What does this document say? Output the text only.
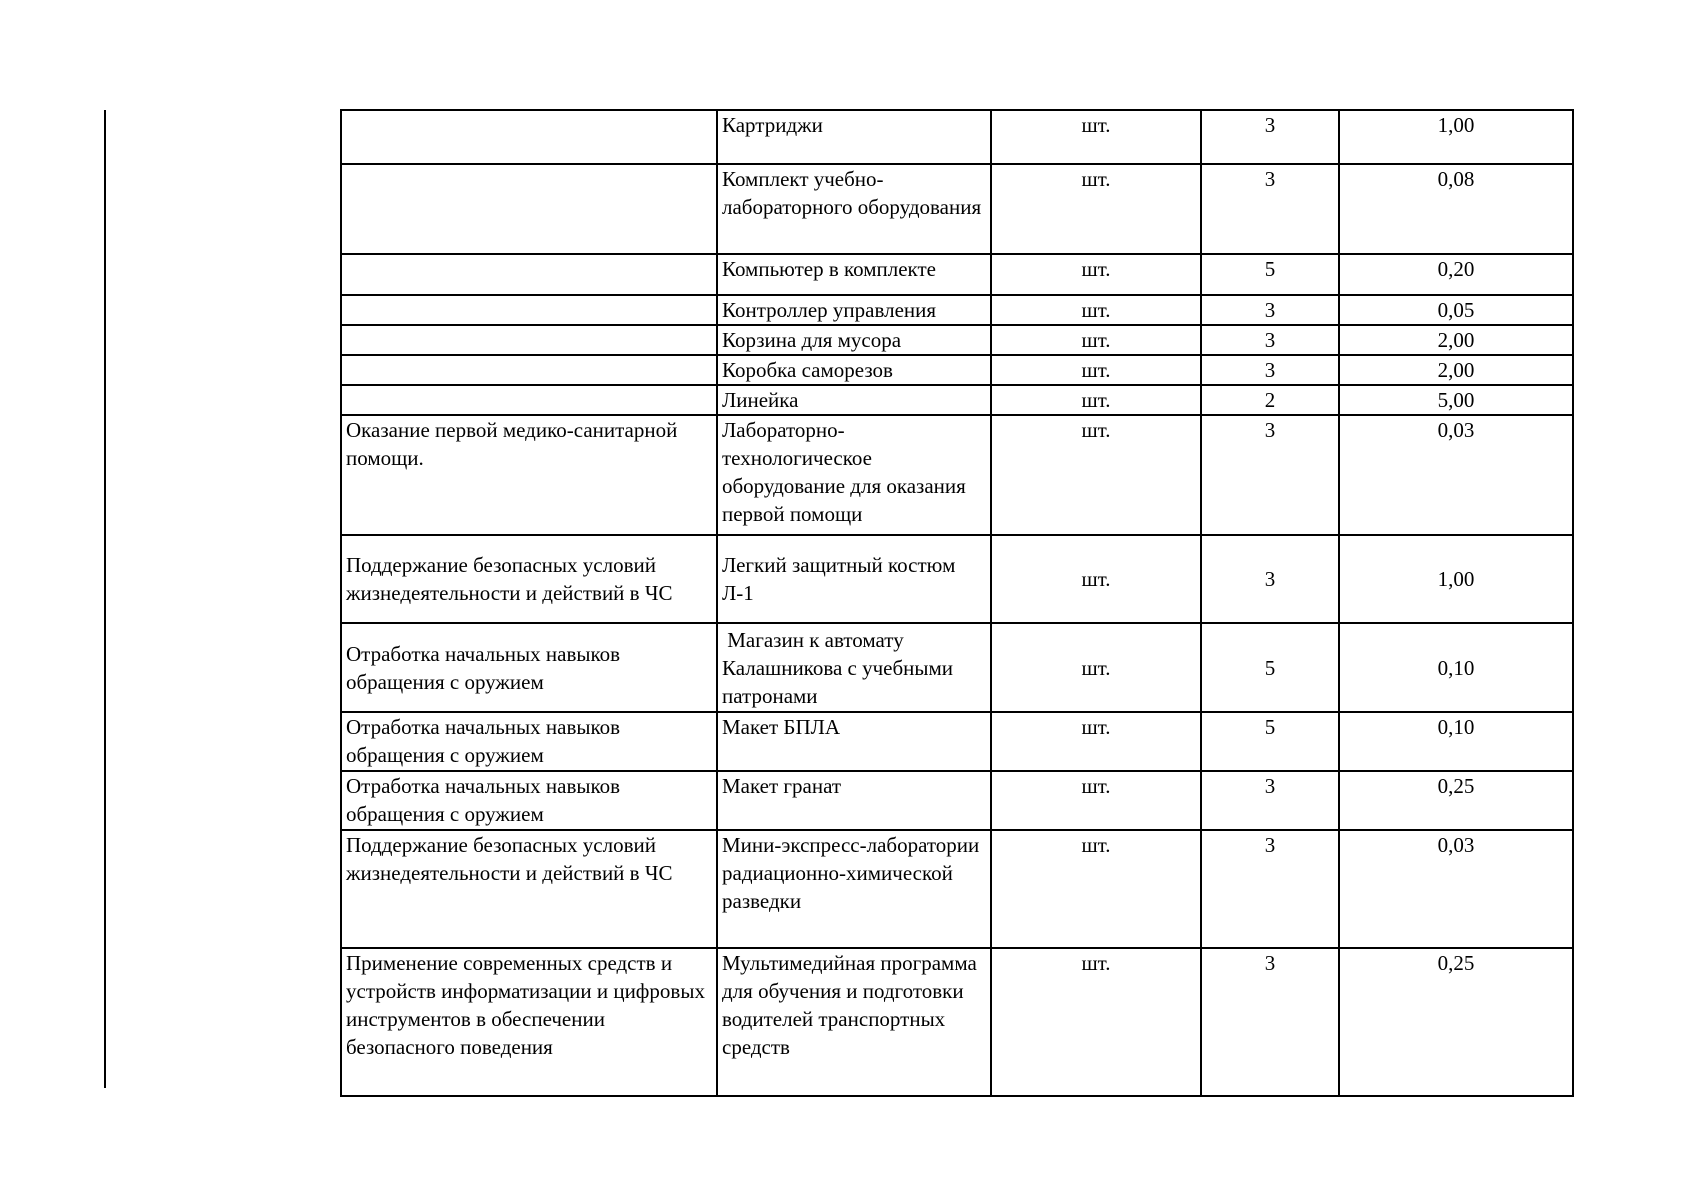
	Картриджи	шт.	3	1,00
	Комплект учебно-лабораторного оборудования	шт.	3	0,08
	Компьютер в комплекте	шт.	5	0,20
	Контроллер управления	шт.	3	0,05
	Корзина для мусора	шт.	3	2,00
	Коробка саморезов	шт.	3	2,00
	Линейка	шт.	2	5,00
Оказание первой медико-санитарной помощи.	Лабораторно-технологическое оборудование для оказания первой помощи	шт.	3	0,03
Поддержание безопасных условий жизнедеятельности и действий в ЧС	Легкий защитный костюм Л-1	шт.	3	1,00
Отработка начальных навыков обращения с оружием	Магазин к автомату Калашникова с учебными патронами	шт.	5	0,10
Отработка начальных навыков обращения с оружием	Макет БПЛА	шт.	5	0,10
Отработка начальных навыков обращения с оружием	Макет гранат	шт.	3	0,25
Поддержание безопасных условий жизнедеятельности и действий в ЧС	Мини-экспресс-лаборатории радиационно-химической разведки	шт.	3	0,03
Применение современных средств и устройств информатизации и цифровых инструментов в обеспечении безопасного поведения	Мультимедийная программа для обучения и подготовки водителей транспортных средств	шт.	3	0,25
